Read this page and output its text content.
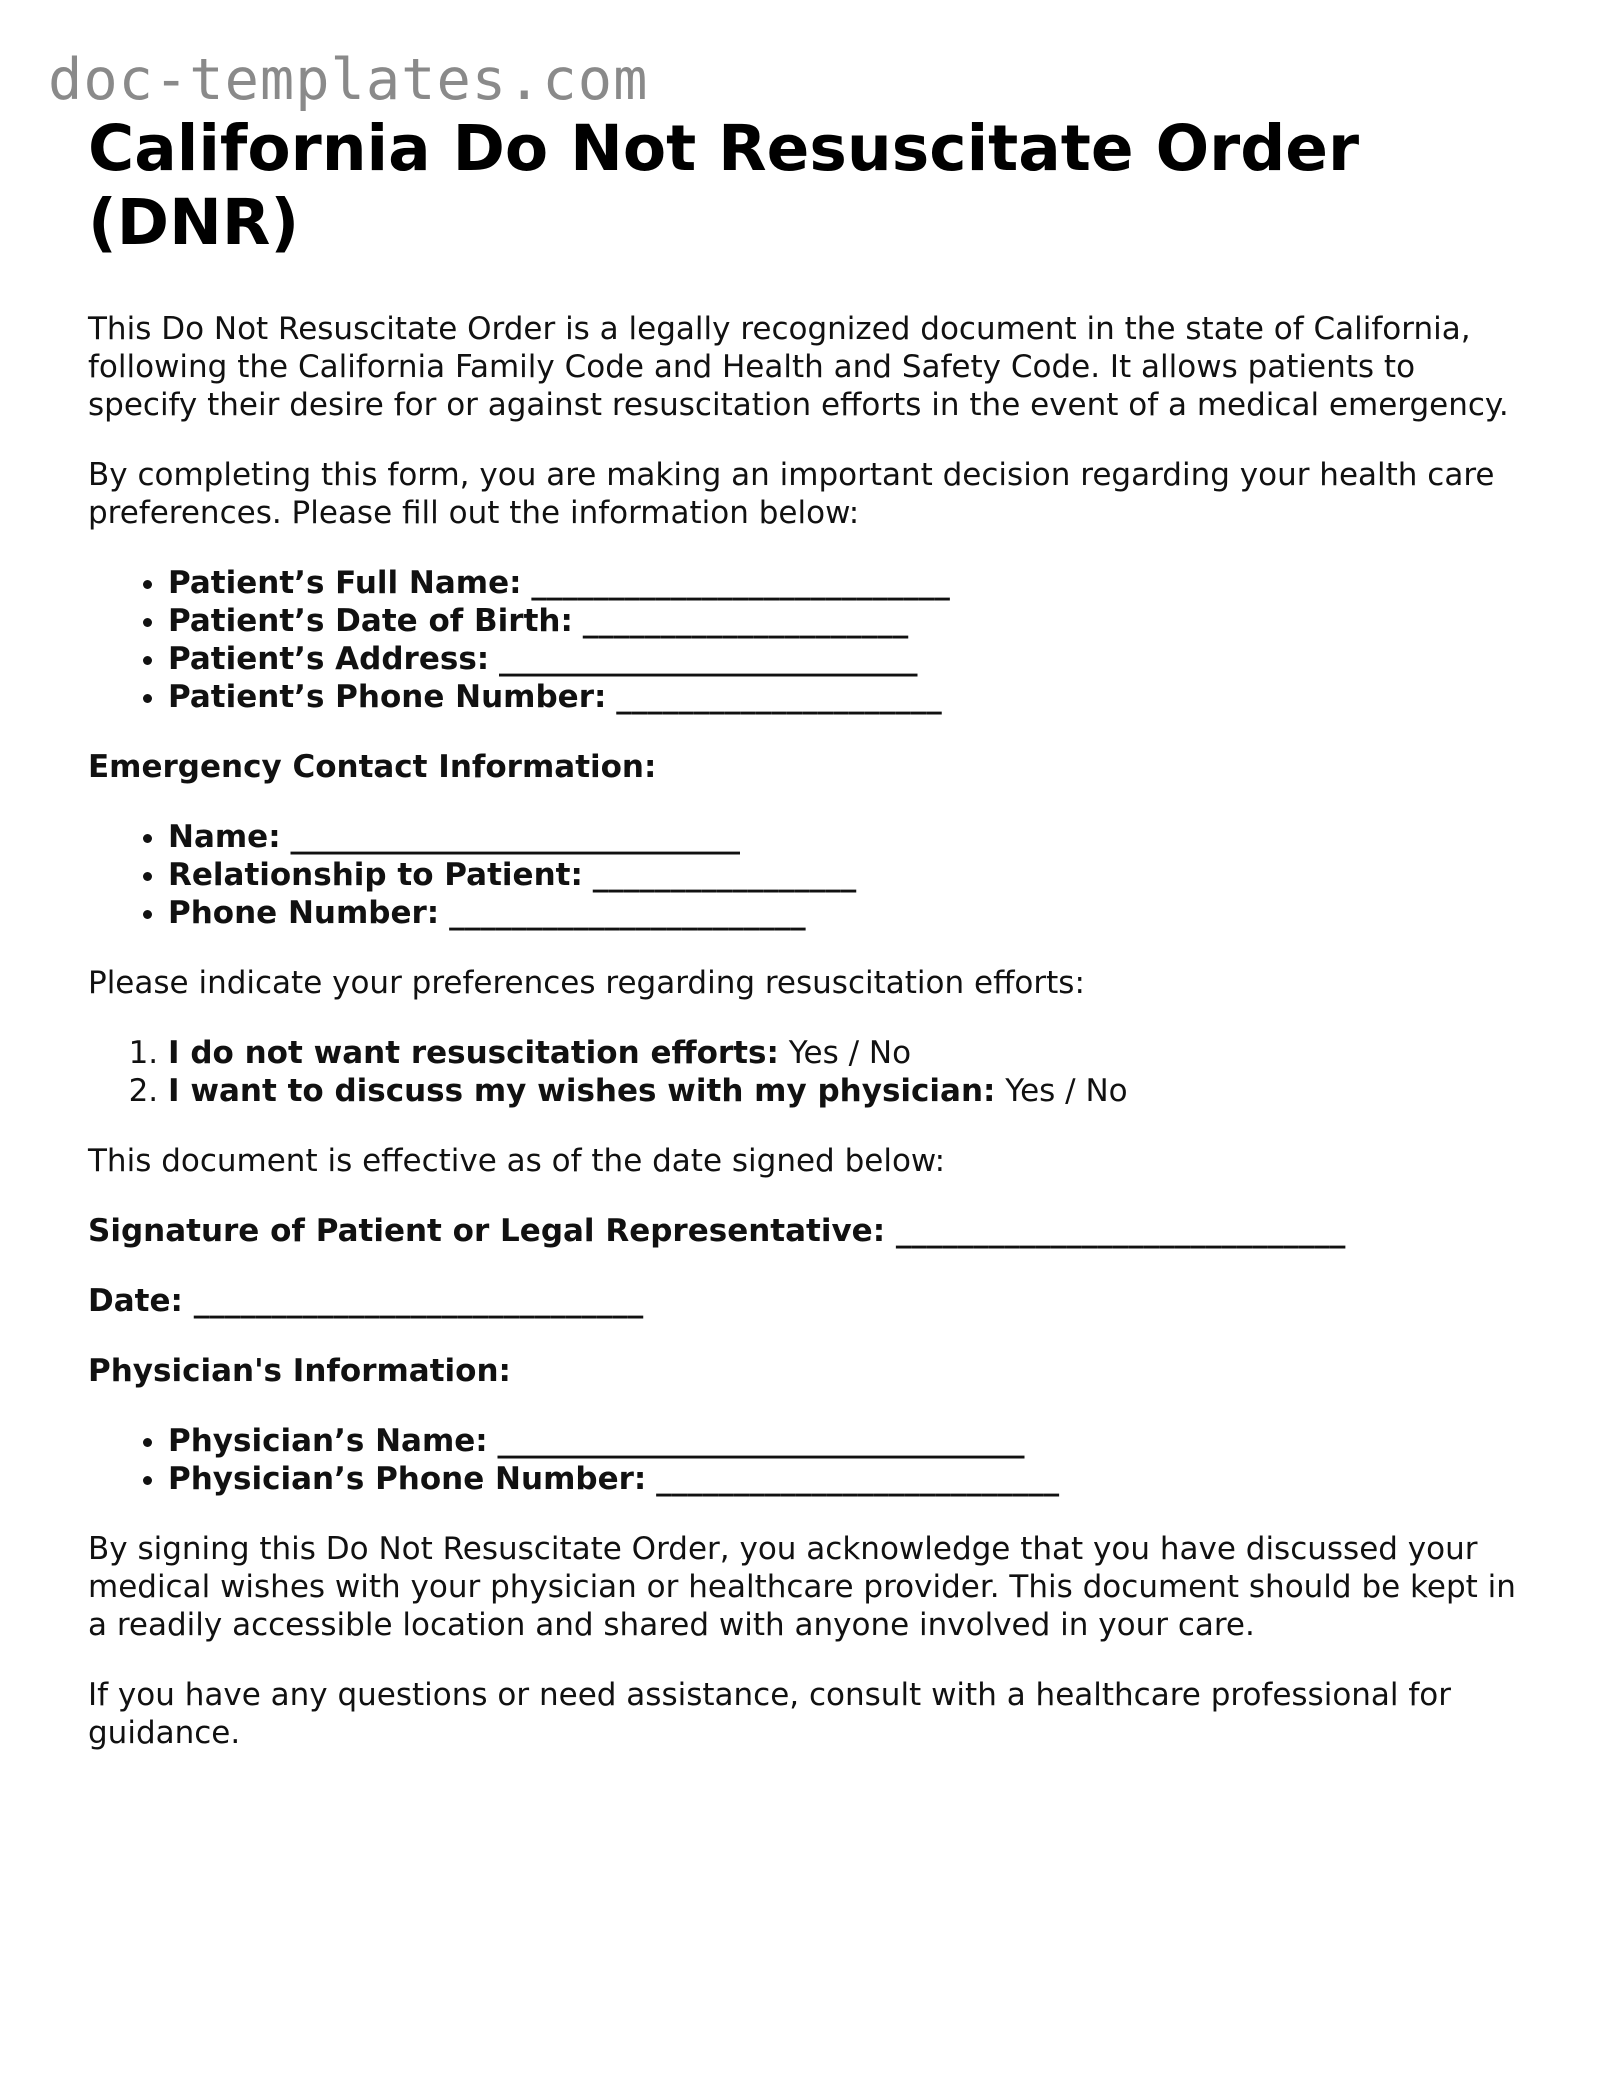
doc-templates.com
California Do Not Resuscitate Order (DNR)

This Do Not Resuscitate Order is a legally recognized document in the state of California, following the California Family Code and Health and Safety Code. It allows patients to specify their desire for or against resuscitation efforts in the event of a medical emergency.

By completing this form, you are making an important decision regarding your health care preferences. Please fill out the information below:

• Patient’s Full Name: ___________________________
• Patient’s Date of Birth: _____________________
• Patient’s Address: ___________________________
• Patient’s Phone Number: _____________________

Emergency Contact Information:

• Name: _____________________________
• Relationship to Patient: _________________
• Phone Number: _______________________

Please indicate your preferences regarding resuscitation efforts:

1. I do not want resuscitation efforts: Yes / No
2. I want to discuss my wishes with my physician: Yes / No

This document is effective as of the date signed below:

Signature of Patient or Legal Representative: _____________________________

Date: _____________________________

Physician's Information:

• Physician’s Name: __________________________________
• Physician’s Phone Number: __________________________

By signing this Do Not Resuscitate Order, you acknowledge that you have discussed your medical wishes with your physician or healthcare provider. This document should be kept in a readily accessible location and shared with anyone involved in your care.

If you have any questions or need assistance, consult with a healthcare professional for guidance.
